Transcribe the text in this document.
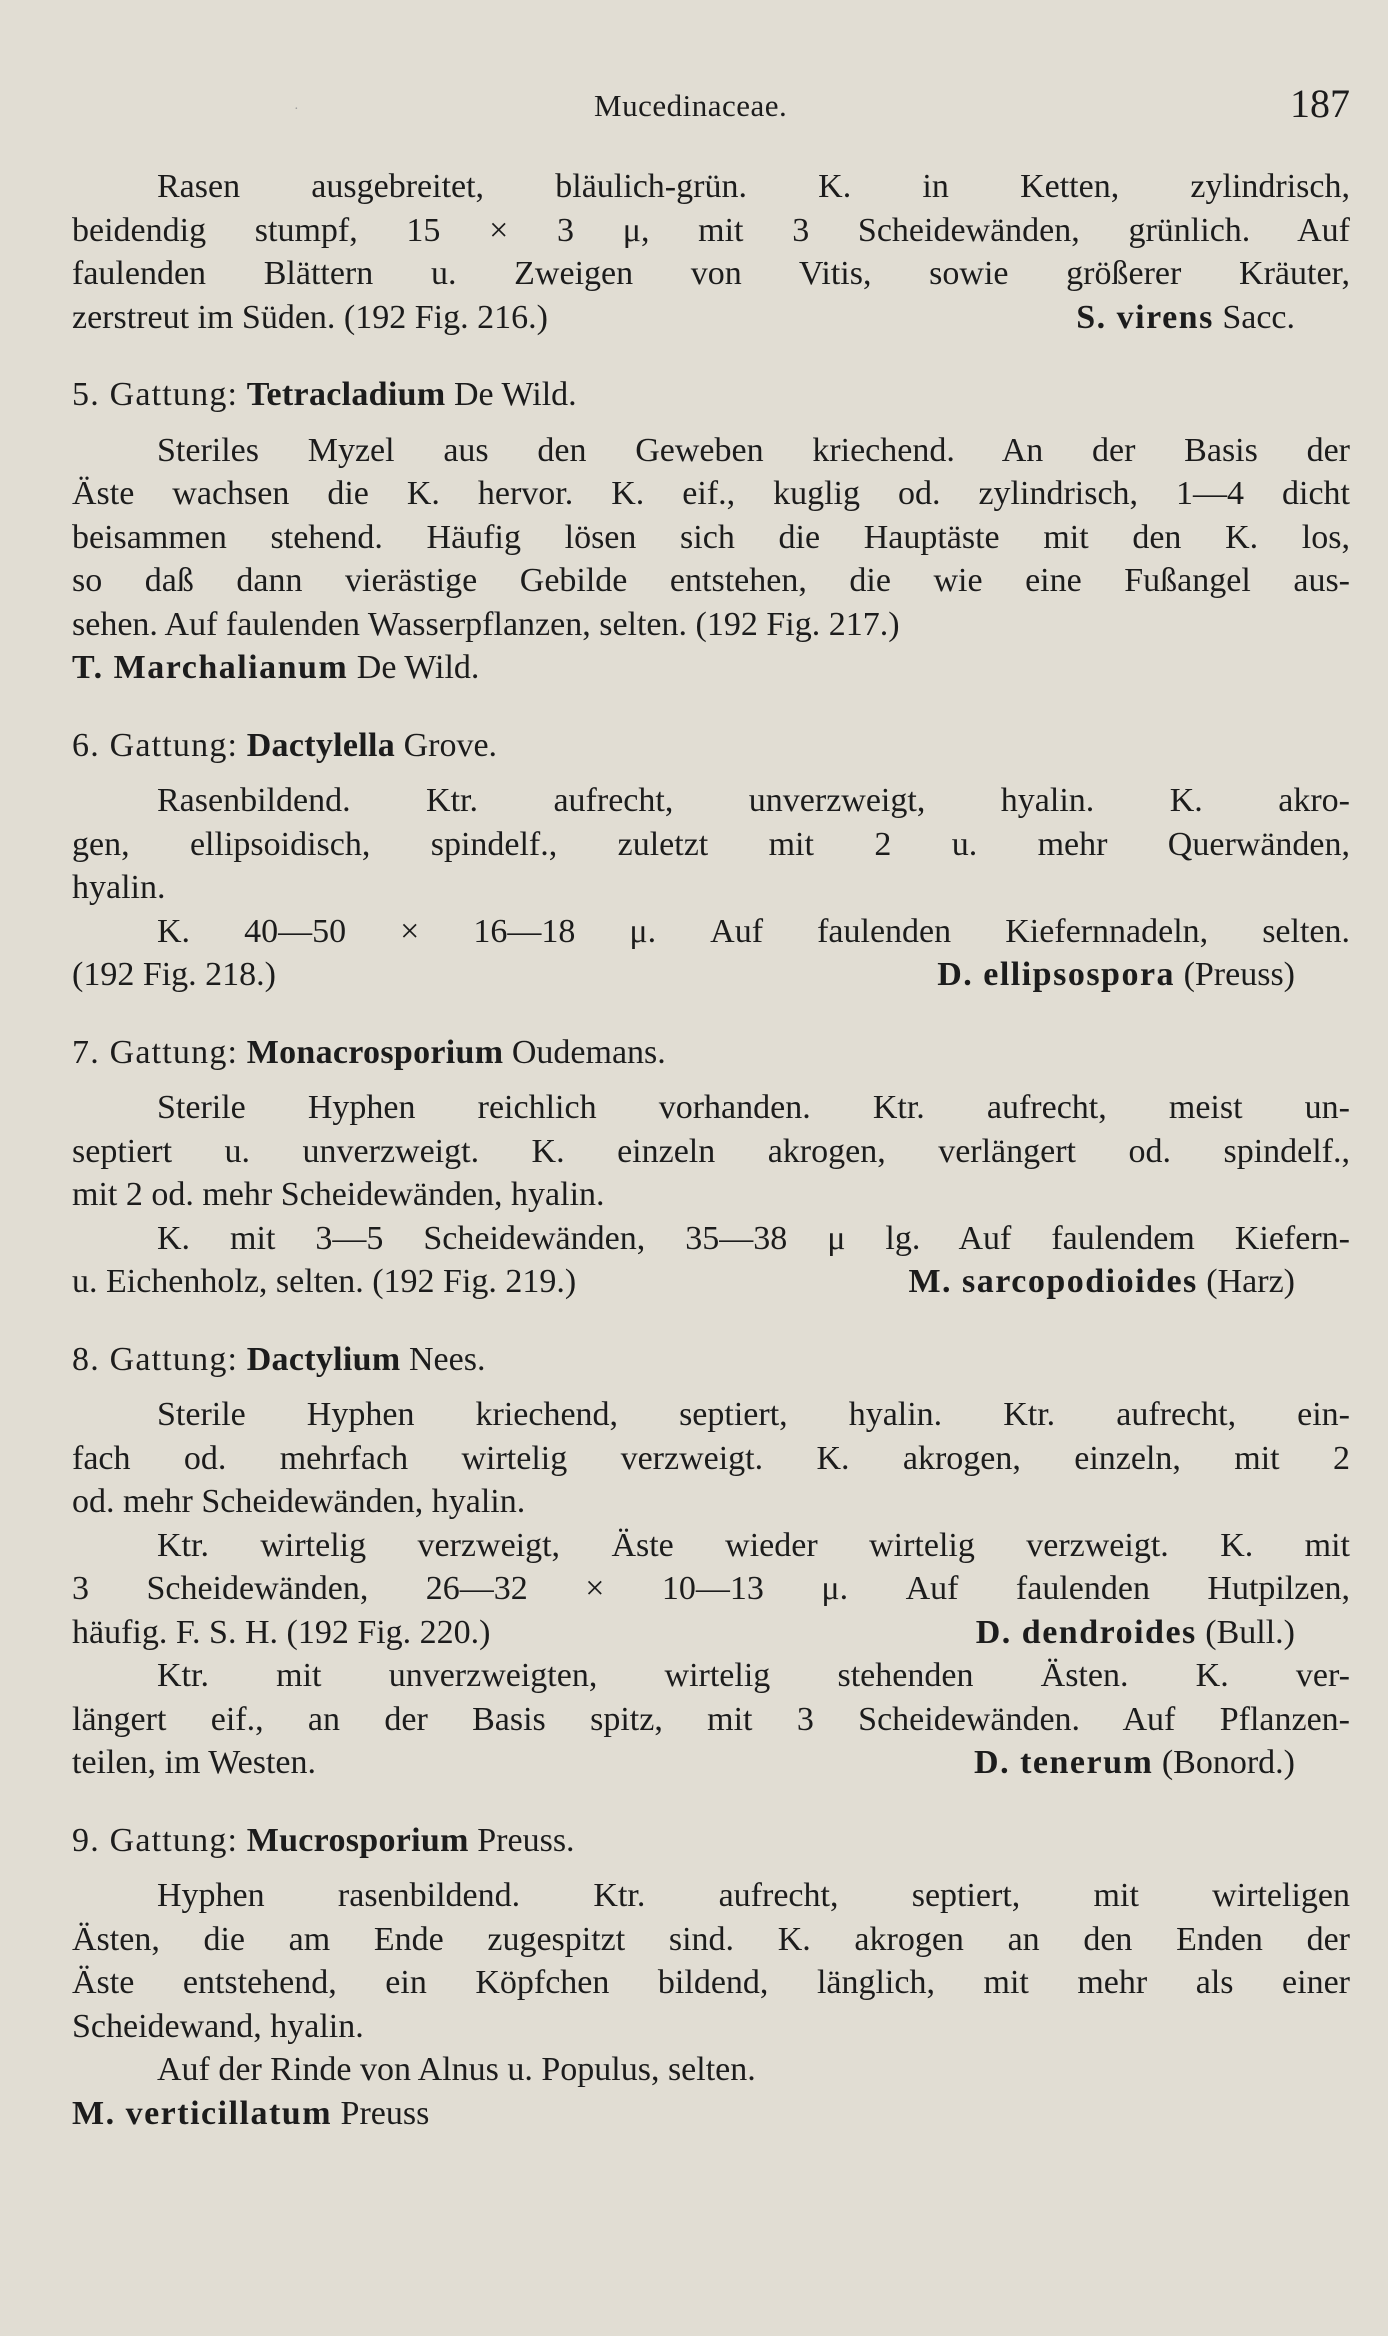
·	Mucedinaceae.	187

Rasen ausgebreitet, bläulich-grün. K. in Ketten, zylindrisch,

beidendig stumpf, 15 × 3 μ, mit 3 Scheidewänden, grünlich. Auf

faulenden Blättern u. Zweigen von Vitis, sowie größerer Kräuter,

zerstreut im Süden. (192 Fig. 216.)	S. virens Sacc.

5. Gattung: Tetracladium De Wild.

Steriles Myzel aus den Geweben kriechend. An der Basis der

Äste wachsen die K. hervor. K. eif., kuglig od. zylindrisch, 1—4 dicht

beisammen stehend. Häufig lösen sich die Hauptäste mit den K. los,

so daß dann vierästige Gebilde entstehen, die wie eine Fußangel aus-

sehen. Auf faulenden Wasserpflanzen, selten. (192 Fig. 217.)

T. Marchalianum De Wild.

6. Gattung: Dactylella Grove.

Rasenbildend. Ktr. aufrecht, unverzweigt, hyalin. K. akro-

gen, ellipsoidisch, spindelf., zuletzt mit 2 u. mehr Querwänden,

hyalin.

K. 40—50 × 16—18 μ. Auf faulenden Kiefernnadeln, selten.

(192 Fig. 218.)	D. ellipsospora (Preuss)

7. Gattung: Monacrosporium Oudemans.

Sterile Hyphen reichlich vorhanden. Ktr. aufrecht, meist un-

septiert u. unverzweigt. K. einzeln akrogen, verlängert od. spindelf.,

mit 2 od. mehr Scheidewänden, hyalin.

K. mit 3—5 Scheidewänden, 35—38 μ lg. Auf faulendem Kiefern-

u. Eichenholz, selten. (192 Fig. 219.)	M. sarcopodioides (Harz)

8. Gattung: Dactylium Nees.

Sterile Hyphen kriechend, septiert, hyalin. Ktr. aufrecht, ein-

fach od. mehrfach wirtelig verzweigt. K. akrogen, einzeln, mit 2

od. mehr Scheidewänden, hyalin.

Ktr. wirtelig verzweigt, Äste wieder wirtelig verzweigt. K. mit

3 Scheidewänden, 26—32 × 10—13 μ. Auf faulenden Hutpilzen,

häufig. F. S. H. (192 Fig. 220.)	D. dendroides (Bull.)

Ktr. mit unverzweigten, wirtelig stehenden Ästen. K. ver-

längert eif., an der Basis spitz, mit 3 Scheidewänden. Auf Pflanzen-

teilen, im Westen.	D. tenerum (Bonord.)

9. Gattung: Mucrosporium Preuss.

Hyphen rasenbildend. Ktr. aufrecht, septiert, mit wirteligen

Ästen, die am Ende zugespitzt sind. K. akrogen an den Enden der

Äste entstehend, ein Köpfchen bildend, länglich, mit mehr als einer

Scheidewand, hyalin.

Auf der Rinde von Alnus u. Populus, selten.

M. verticillatum Preuss
